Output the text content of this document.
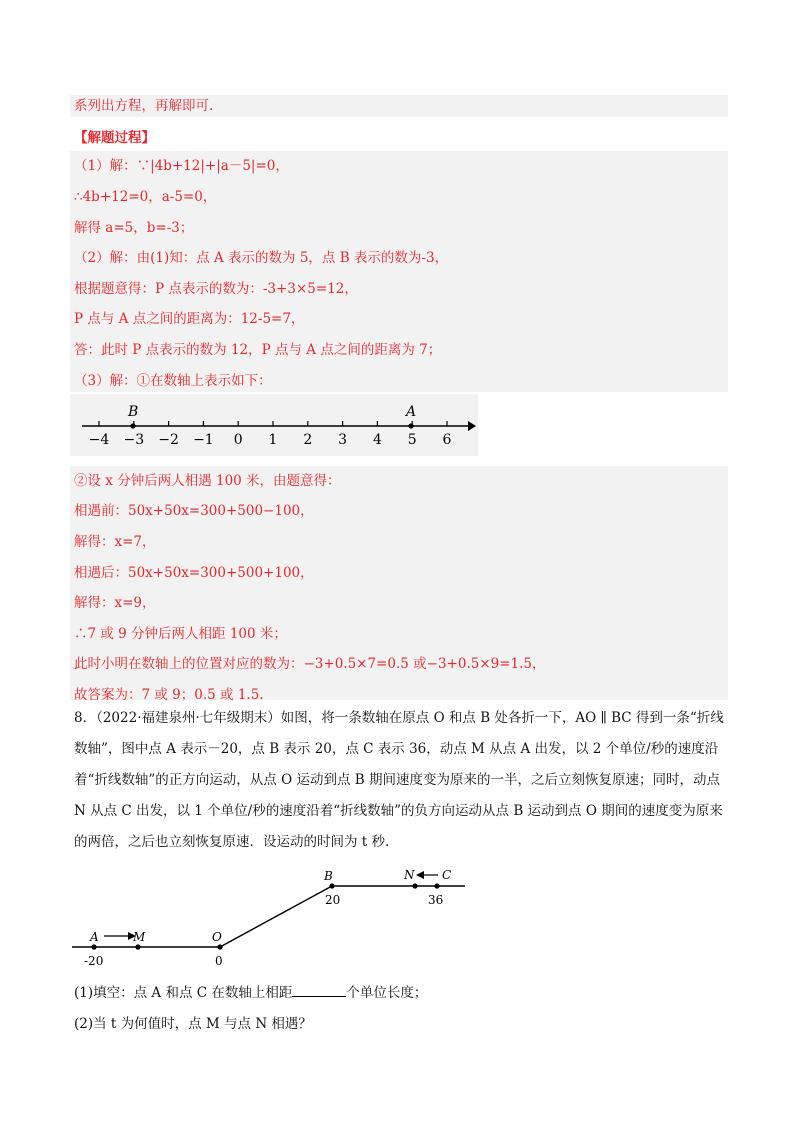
系列出方程，再解即可.
【解题过程】
（1）解：∵|4b+12|+|a－5|=0，
∴4b+12=0，a-5=0，
解得 a=5，b=-3；
（2）解：由(1)知：点 A 表示的数为 5，点 B 表示的数为-3，
根据题意得：P 点表示的数为：-3+3×5=12，
P 点与 A 点之间的距离为：12-5=7，
答：此时 P 点表示的数为 12，P 点与 A 点之间的距离为 7；
（3）解：①在数轴上表示如下：
−4 −3 −2 −1 0 1 2 3 4 5 6
B	A
②设 x 分钟后两人相遇 100 米，由题意得：
相遇前：50x+50x=300+500−100，
解得：x=7，
相遇后：50x+50x=300+500+100，
解得：x=9，
∴7 或 9 分钟后两人相距 100 米；
此时小明在数轴上的位置对应的数为：−3+0.5×7=0.5 或−3+0.5×9=1.5，
故答案为：7 或 9；0.5 或 1.5.
8．（2022·福建泉州·七年级期末）如图，将一条数轴在原点 O 和点 B 处各折一下，AO ∥ BC 得到一条“折线数轴”，图中点 A 表示－20，点 B 表示 20，点 C 表示 36，动点 M 从点 A 出发，以 2 个单位/秒的速度沿着“折线数轴”的正方向运动，从点 O 运动到点 B 期间速度变为原来的一半，之后立刻恢复原速；同时，动点 N 从点 C 出发，以 1 个单位/秒的速度沿着“折线数轴”的负方向运动从点 B 运动到点 O 期间的速度变为原来的两倍，之后也立刻恢复原速．设运动的时间为 t 秒.
A	M	O
B	N C
-20	0
20	36
(1)填空：点 A 和点 C 在数轴上相距	个单位长度；
(2)当 t 为何值时，点 M 与点 N 相遇？
